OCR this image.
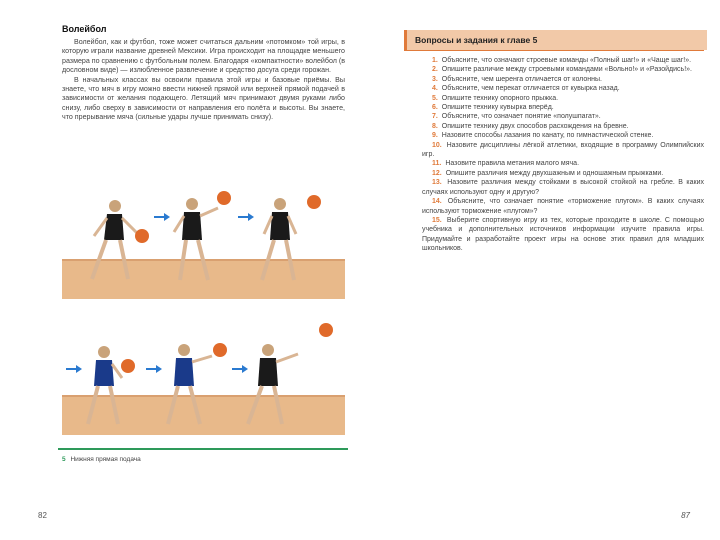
Волейбол

Волейбол, как и футбол, тоже может считаться дальним «потомком» той игры, в которую играли название древней Мексики. Игра происходит на площадке меньшего размера по сравнению с футбольным полем. Благодаря «компактности» волейбол (в дословном виде) — излюбленное развлечение и средство досуга среди горожан.

В начальных классах вы освоили правила этой игры и базовые приёмы. Вы знаете, что мяч в игру можно ввести нижней прямой или верхней прямой подачей в зависимости от желания подающего. Летящий мяч принимают двумя руками либо снизу, либо сверху в зависимости от направления его полёта и высоты. Вы знаете, что прерывание мяча (сильные удары лучше принимать снизу).

5 Нижняя прямая подача
82
Вопросы и задания к главе 5
1. Объясните, что означают строевые команды «Полный шаг!» и «Чаще шаг!».
2. Опишите различие между строевыми командами «Вольно!» и «Разойдись!».
3. Объясните, чем шеренга отличается от колонны.
4. Объясните, чем перекат отличается от кувырка назад.
5. Опишите технику опорного прыжка.
6. Опишите технику кувырка вперёд.
7. Объясните, что означает понятие «полушпагат».
8. Опишите технику двух способов расхождения на бревне.
9. Назовите способы лазания по канату, по гимнастической стенке.
10. Назовите дисциплины лёгкой атлетики, входящие в программу Олимпийских игр.
11. Назовите правила метания малого мяча.
12. Опишите различия между двухшажным и одношажным прыжками.
13. Назовите различия между стойками в высокой стойкой на гребле. В каких случаях используют одну и другую?
14. Объясните, что означает понятие «торможение плугом». В каких случаях используют торможение «плугом»?
15. Выберите спортивную игру из тех, которые проходите в школе. С помощью учебника и дополнительных источников информации изучите правила игры. Придумайте и разработайте проект игры на основе этих правил для младших школьников.
87
